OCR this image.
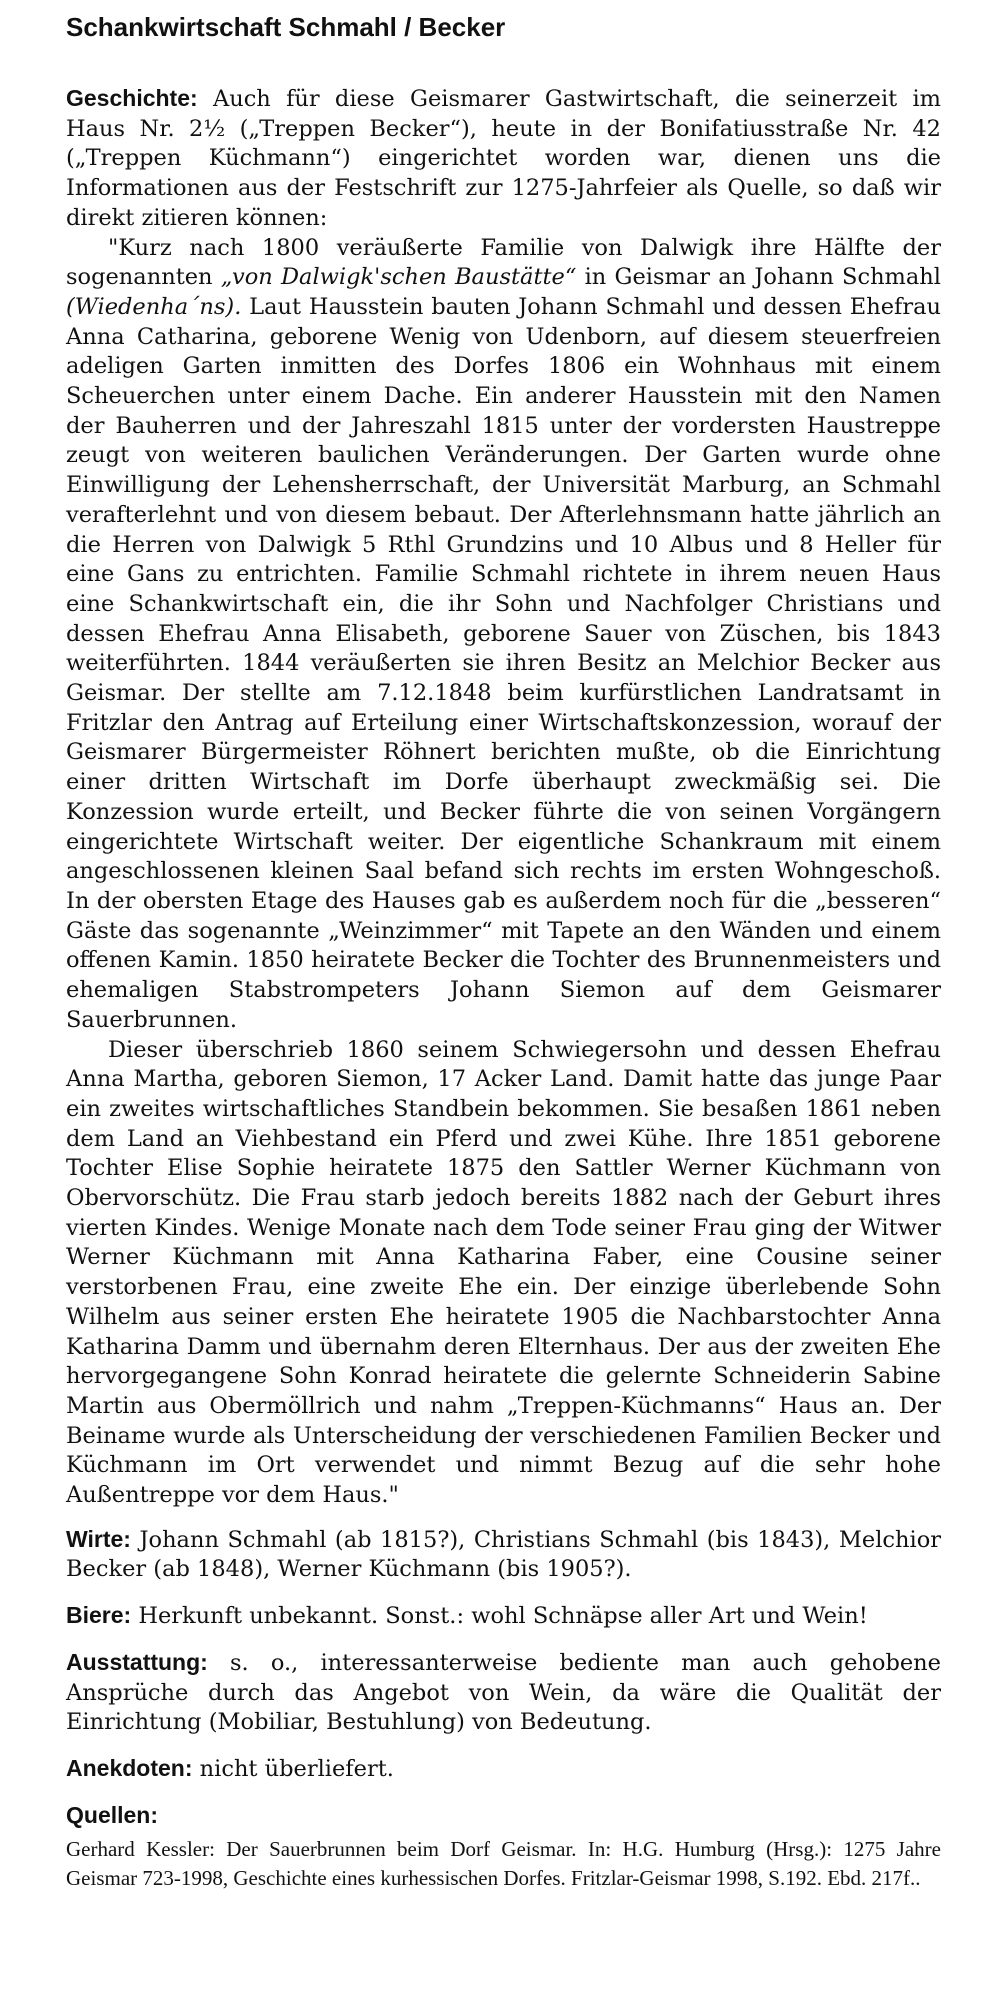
Schankwirtschaft Schmahl / Becker

Geschichte: Auch für diese Geismarer Gastwirtschaft, die seinerzeit im Haus Nr. 2½ („Treppen Becker“), heute in der Bonifatiusstraße Nr. 42 („Treppen Küchmann“) eingerichtet worden war, dienen uns die Informationen aus der Festschrift zur 1275-Jahrfeier als Quelle, so daß wir direkt zitieren können:

"Kurz nach 1800 veräußerte Familie von Dalwigk ihre Hälfte der sogenannten „von Dalwigk'schen Baustätte“ in Geismar an Johann Schmahl (Wiedenha´ns). Laut Hausstein bauten Johann Schmahl und dessen Ehefrau Anna Catharina, geborene Wenig von Udenborn, auf diesem steuerfreien adeligen Garten inmitten des Dorfes 1806 ein Wohnhaus mit einem Scheuerchen unter einem Dache. Ein anderer Hausstein mit den Namen der Bauherren und der Jahreszahl 1815 unter der vordersten Haustreppe zeugt von weiteren baulichen Veränderungen. Der Garten wurde ohne Einwilligung der Lehensherrschaft, der Universität Marburg, an Schmahl verafterlehnt und von diesem bebaut. Der Afterlehnsmann hatte jährlich an die Herren von Dalwigk 5 Rthl Grundzins und 10 Albus und 8 Heller für eine Gans zu entrichten. Familie Schmahl richtete in ihrem neuen Haus eine Schankwirtschaft ein, die ihr Sohn und Nachfolger Christians und dessen Ehefrau Anna Elisabeth, geborene Sauer von Züschen, bis 1843 weiterführten. 1844 veräußerten sie ihren Besitz an Melchior Becker aus Geismar. Der stellte am 7.12.1848 beim kurfürstlichen Landratsamt in Fritzlar den Antrag auf Erteilung einer Wirtschaftskonzession, worauf der Geismarer Bürgermeister Röhnert berichten mußte, ob die Einrichtung einer dritten Wirtschaft im Dorfe überhaupt zweckmäßig sei. Die Konzession wurde erteilt, und Becker führte die von seinen Vorgängern eingerichtete Wirtschaft weiter. Der eigentliche Schankraum mit einem angeschlossenen kleinen Saal befand sich rechts im ersten Wohngeschoß. In der obersten Etage des Hauses gab es außerdem noch für die „besseren“ Gäste das sogenannte „Weinzimmer“ mit Tapete an den Wänden und einem offenen Kamin. 1850 heiratete Becker die Tochter des Brunnenmeisters und ehemaligen Stabstrompeters Johann Siemon auf dem Geismarer Sauerbrunnen.

Dieser überschrieb 1860 seinem Schwiegersohn und dessen Ehefrau Anna Martha, geboren Siemon, 17 Acker Land. Damit hatte das junge Paar ein zweites wirtschaftliches Standbein bekommen. Sie besaßen 1861 neben dem Land an Viehbestand ein Pferd und zwei Kühe. Ihre 1851 geborene Tochter Elise Sophie heiratete 1875 den Sattler Werner Küchmann von Obervorschütz. Die Frau starb jedoch bereits 1882 nach der Geburt ihres vierten Kindes. Wenige Monate nach dem Tode seiner Frau ging der Witwer Werner Küchmann mit Anna Katharina Faber, eine Cousine seiner verstorbenen Frau, eine zweite Ehe ein. Der einzige überlebende Sohn Wilhelm aus seiner ersten Ehe heiratete 1905 die Nachbarstochter Anna Katharina Damm und übernahm deren Elternhaus. Der aus der zweiten Ehe hervorgegangene Sohn Konrad heiratete die gelernte Schneiderin Sabine Martin aus Obermöllrich und nahm „Treppen-Küchmanns“ Haus an. Der Beiname wurde als Unterscheidung der verschiedenen Familien Becker und Küchmann im Ort verwendet und nimmt Bezug auf die sehr hohe Außentreppe vor dem Haus."

Wirte: Johann Schmahl (ab 1815?), Christians Schmahl (bis 1843), Melchior Becker (ab 1848), Werner Küchmann (bis 1905?).

Biere: Herkunft unbekannt. Sonst.: wohl Schnäpse aller Art und Wein!

Ausstattung: s. o., interessanterweise bediente man auch gehobene Ansprüche durch das Angebot von Wein, da wäre die Qualität der Einrichtung (Mobiliar, Bestuhlung) von Bedeutung.

Anekdoten: nicht überliefert.

Quellen:

Gerhard Kessler: Der Sauerbrunnen beim Dorf Geismar. In: H.G. Humburg (Hrsg.): 1275 Jahre Geismar 723-1998, Geschichte eines kurhessischen Dorfes. Fritzlar-Geismar 1998, S.192. Ebd. 217f..
